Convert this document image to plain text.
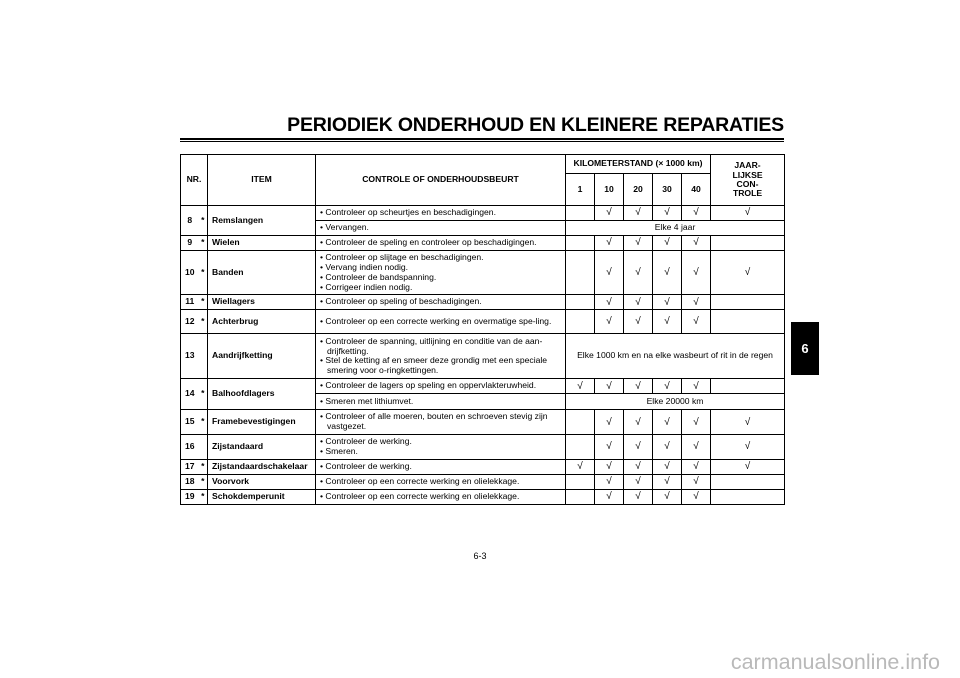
PERIODIEK ONDERHOUD EN KLEINERE REPARATIES
NR.		ITEM	CONTROLE OF ONDERHOUDSBEURT	KILOMETERSTAND (× 1000 km)					JAAR-
LIJKSE
CON-
TROLE
				1	10	20	30	40	
8	*	Remslangen	• Controleer op scheurtjes en beschadigingen.		√	√	√	√	√

			• Vervangen.	Elke 4 jaar					
9	*	Wielen	• Controleer de speling en controleer op beschadigingen.		√	√	√	√	
10	*	Banden	• Controleer op slijtage en beschadigingen.
• Vervang indien nodig.
• Controleer de bandspanning.
• Corrigeer indien nodig.		√	√	√	√	√
11	*	Wiellagers	• Controleer op speling of beschadigingen.		√	√	√	√	
12	*	Achterbrug	• Controleer op een correcte werking en overmatige spe-ling.		√	√	√	√	
13		Aandrijfketting	• Controleer de spanning, uitlijning en conditie van de aan-drijfketting.
• Stel de ketting af en smeer deze grondig met een speciale smering voor o-ringkettingen.	Elke 1000 km en na elke wasbeurt of rit in de regen					
14	*	Balhoofdlagers	• Controleer de lagers op speling en oppervlakteruwheid.	√	√	√	√	√	

			• Smeren met lithiumvet.	Elke 20000 km					
15	*	Framebevestigingen	• Controleer of alle moeren, bouten en schroeven stevig zijn vastgezet.		√	√	√	√	√
16		Zijstandaard	• Controleer de werking.
• Smeren.		√	√	√	√	√
17	*	Zijstandaardschakelaar	• Controleer de werking.	√	√	√	√	√	√
18	*	Voorvork	• Controleer op een correcte werking en olielekkage.		√	√	√	√	
19	*	Schokdemperunit	• Controleer op een correcte werking en olielekkage.		√	√	√	√	
6
6-3
carmanualsonline.info
